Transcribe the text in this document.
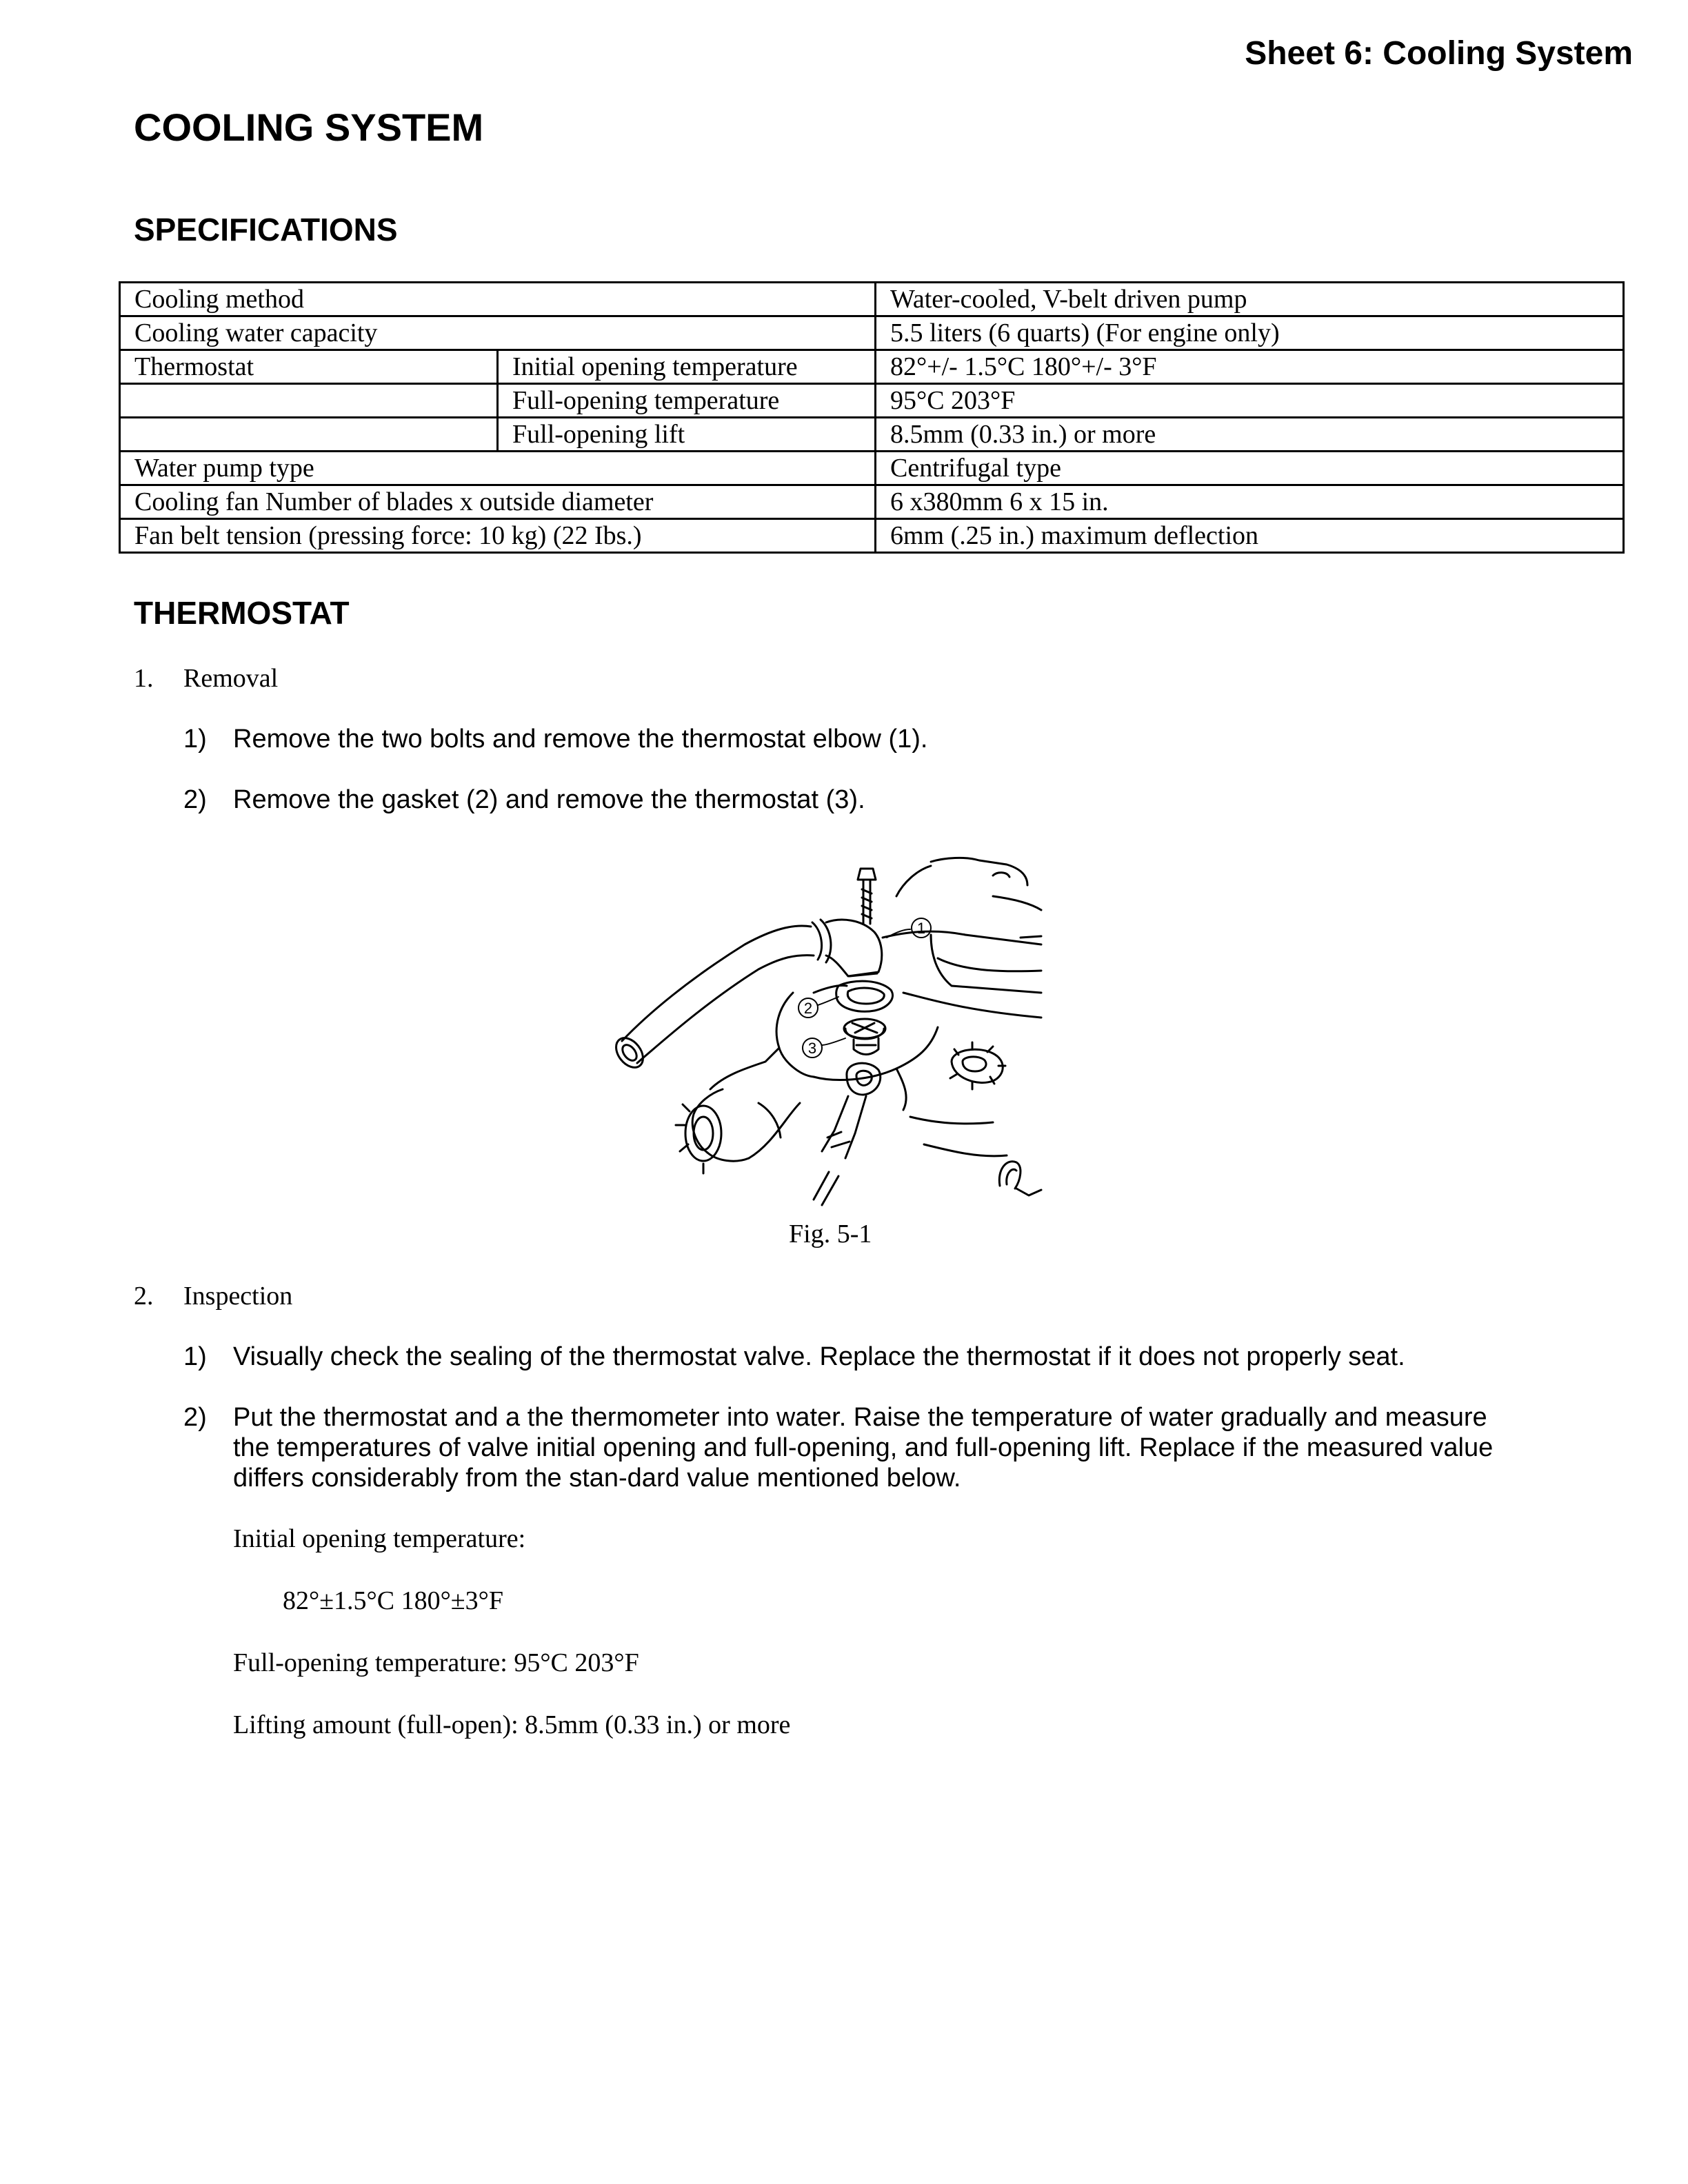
Sheet 6: Cooling System
COOLING SYSTEM
SPECIFICATIONS
Cooling method		Water-cooled, V-belt driven pump
Cooling water capacity		5.5 liters (6 quarts) (For engine only)
Thermostat	Initial opening temperature	82°+/- 1.5°C 180°+/- 3°F
	Full-opening temperature	95°C 203°F
	Full-opening lift	8.5mm (0.33 in.) or more
Water pump type		Centrifugal type
Cooling fan Number of blades x outside diameter		6 x380mm 6 x 15 in.
Fan belt tension (pressing force: 10 kg) (22 Ibs.)		6mm (.25 in.) maximum deflection
THERMOSTAT
1. Removal
1) Remove the two bolts and remove the thermostat elbow (1).
2) Remove the gasket (2) and remove the thermostat (3).
1
2
3
Fig. 5-1
2. Inspection
1) Visually check the sealing of the thermostat valve. Replace the thermostat if it does not properly seat.
2) Put the thermostat and a the thermometer into water. Raise the temperature of water gradually and measure the temperatures of valve initial opening and full-opening, and full-opening lift. Replace if the measured value differs considerably from the stan-dard value mentioned below.
Initial opening temperature:
82°±1.5°C 180°±3°F
Full-opening temperature: 95°C 203°F
Lifting amount (full-open): 8.5mm (0.33 in.) or more
